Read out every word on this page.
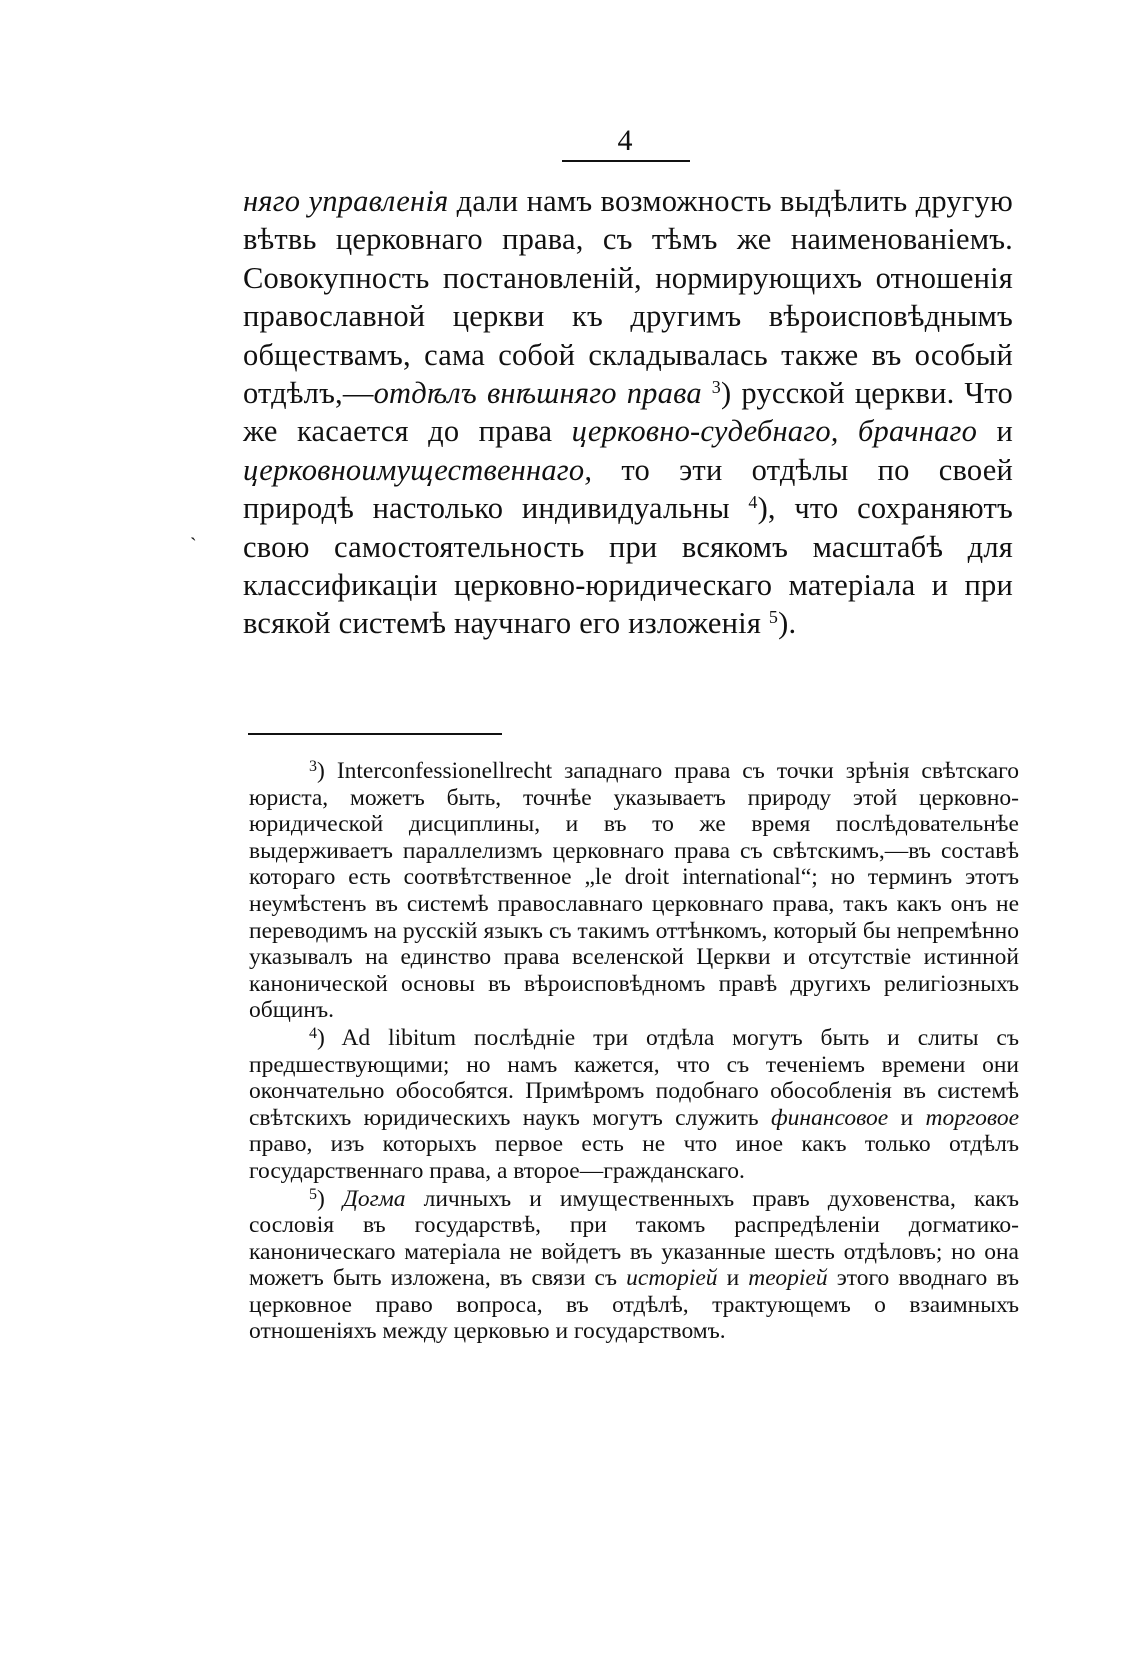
4

няго управленія дали намъ возможность выдѣлить другую вѣтвь церковнаго права, съ тѣмъ же наименованіемъ. Совокупность постановленій, нормирующихъ отношенія православной церкви къ другимъ вѣроисповѣднымъ обществамъ, сама собой складывалась также въ особый отдѣлъ,—отдѣлъ внѣшняго права $^3$) русской церкви. Что же касается до права церковно-судебнаго, брачнаго и церковноимущественнаго, то эти отдѣлы по своей природѣ настолько индивидуальны $^4$), что сохраняютъ свою самостоятельность при всякомъ масштабѣ для классификаціи церковно-юридическаго матеріала и при всякой системѣ научнаго его изложенія $^5$).

ˎ

$^3$) Interconfessionellrecht западнаго права съ точки зрѣнія свѣтскаго юриста, можетъ быть, точнѣе указываетъ природу этой церковно-юридической дисциплины, и въ то же время послѣдовательнѣе выдерживаетъ параллелизмъ церковнаго права съ свѣтскимъ,—въ составѣ котораго есть соотвѣтственное „le droit international“; но терминъ этотъ неумѣстенъ въ системѣ православнаго церковнаго права, такъ какъ онъ не переводимъ на русскій языкъ съ такимъ оттѣнкомъ, который бы непремѣнно указывалъ на единство права вселенской Церкви и отсутствіе истинной канонической основы въ вѣроисповѣдномъ правѣ другихъ религіозныхъ общинъ.

$^4$) Ad libitum послѣдніе три отдѣла могутъ быть и слиты съ предшествующими; но намъ кажется, что съ теченіемъ времени они окончательно обособятся. Примѣромъ подобнаго обособленія въ системѣ свѣтскихъ юридическихъ наукъ могутъ служить финансовое и торговое право, изъ которыхъ первое есть не что иное какъ только отдѣлъ государственнаго права, а второе—гражданскаго.

$^5$) Догма личныхъ и имущественныхъ правъ духовенства, какъ сословія въ государствѣ, при такомъ распредѣленіи догматико-каноническаго матеріала не войдетъ въ указанные шесть отдѣловъ; но она можетъ быть изложена, въ связи съ исторіей и теоріей этого вводнаго въ церковное право вопроса, въ отдѣлѣ, трактующемъ о взаимныхъ отношеніяхъ между церковью и государствомъ.
